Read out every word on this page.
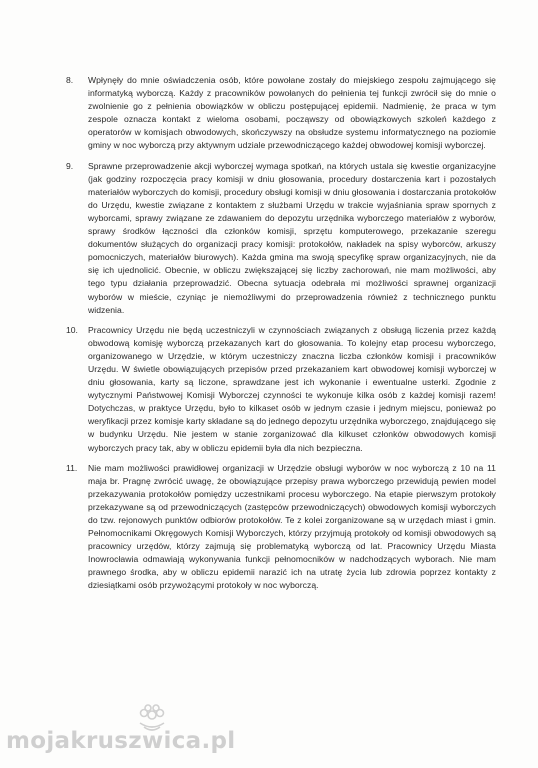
8. Wpłynęły do mnie oświadczenia osób, które powołane zostały do miejskiego zespołu zajmującego się informatyką wyborczą. Każdy z pracowników powołanych do pełnienia tej funkcji zwrócił się do mnie o zwolnienie go z pełnienia obowiązków w obliczu postępującej epidemii. Nadmienię, że praca w tym zespole oznacza kontakt z wieloma osobami, począwszy od obowiązkowych szkoleń każdego z operatorów w komisjach obwodowych, skończywszy na obsłudze systemu informatycznego na poziomie gminy w noc wyborczą przy aktywnym udziale przewodniczącego każdej obwodowej komisji wyborczej.

9. Sprawne przeprowadzenie akcji wyborczej wymaga spotkań, na których ustala się kwestie organizacyjne (jak godziny rozpoczęcia pracy komisji w dniu głosowania, procedury dostarczenia kart i pozostałych materiałów wyborczych do komisji, procedury obsługi komisji w dniu głosowania i dostarczania protokołów do Urzędu, kwestie związane z kontaktem z służbami Urzędu w trakcie wyjaśniania spraw spornych z wyborcami, sprawy związane ze zdawaniem do depozytu urzędnika wyborczego materiałów z wyborów, sprawy środków łączności dla członków komisji, sprzętu komputerowego, przekazanie szeregu dokumentów służących do organizacji pracy komisji: protokołów, nakładek na spisy wyborców, arkuszy pomocniczych, materiałów biurowych). Każda gmina ma swoją specyfikę spraw organizacyjnych, nie da się ich ujednolicić. Obecnie, w obliczu zwiększającej się liczby zachorowań, nie mam możliwości, aby tego typu działania przeprowadzić. Obecna sytuacja odebrała mi możliwości sprawnej organizacji wyborów w mieście, czyniąc je niemożliwymi do przeprowadzenia również z technicznego punktu widzenia.

10. Pracownicy Urzędu nie będą uczestniczyli w czynnościach związanych z obsługą liczenia przez każdą obwodową komisję wyborczą przekazanych kart do głosowania. To kolejny etap procesu wyborczego, organizowanego w Urzędzie, w którym uczestniczy znaczna liczba członków komisji i pracowników Urzędu. W świetle obowiązujących przepisów przed przekazaniem kart obwodowej komisji wyborczej w dniu głosowania, karty są liczone, sprawdzane jest ich wykonanie i ewentualne usterki. Zgodnie z wytycznymi Państwowej Komisji Wyborczej czynności te wykonuje kilka osób z każdej komisji razem! Dotychczas, w praktyce Urzędu, było to kilkaset osób w jednym czasie i jednym miejscu, ponieważ po weryfikacji przez komisje karty składane są do jednego depozytu urzędnika wyborczego, znajdującego się w budynku Urzędu. Nie jestem w stanie zorganizować dla kilkuset członków obwodowych komisji wyborczych pracy tak, aby w obliczu epidemii była dla nich bezpieczna.

11. Nie mam możliwości prawidłowej organizacji w Urzędzie obsługi wyborów w noc wyborczą z 10 na 11 maja br. Pragnę zwrócić uwagę, że obowiązujące przepisy prawa wyborczego przewidują pewien model przekazywania protokołów pomiędzy uczestnikami procesu wyborczego. Na etapie pierwszym protokoły przekazywane są od przewodniczących (zastępców przewodniczących) obwodowych komisji wyborczych do tzw. rejonowych punktów odbiorów protokołów. Te z kolei zorganizowane są w urzędach miast i gmin. Pełnomocnikami Okręgowych Komisji Wyborczych, którzy przyjmują protokoły od komisji obwodowych są pracownicy urzędów, którzy zajmują się problematyką wyborczą od lat. Pracownicy Urzędu Miasta Inowrocławia odmawiają wykonywania funkcji pełnomocników w nadchodzących wyborach. Nie mam prawnego środka, aby w obliczu epidemii narazić ich na utratę życia lub zdrowia poprzez kontakty z dziesiątkami osób przywożącymi protokoły w noc wyborczą.

mojakruszwica.pl
